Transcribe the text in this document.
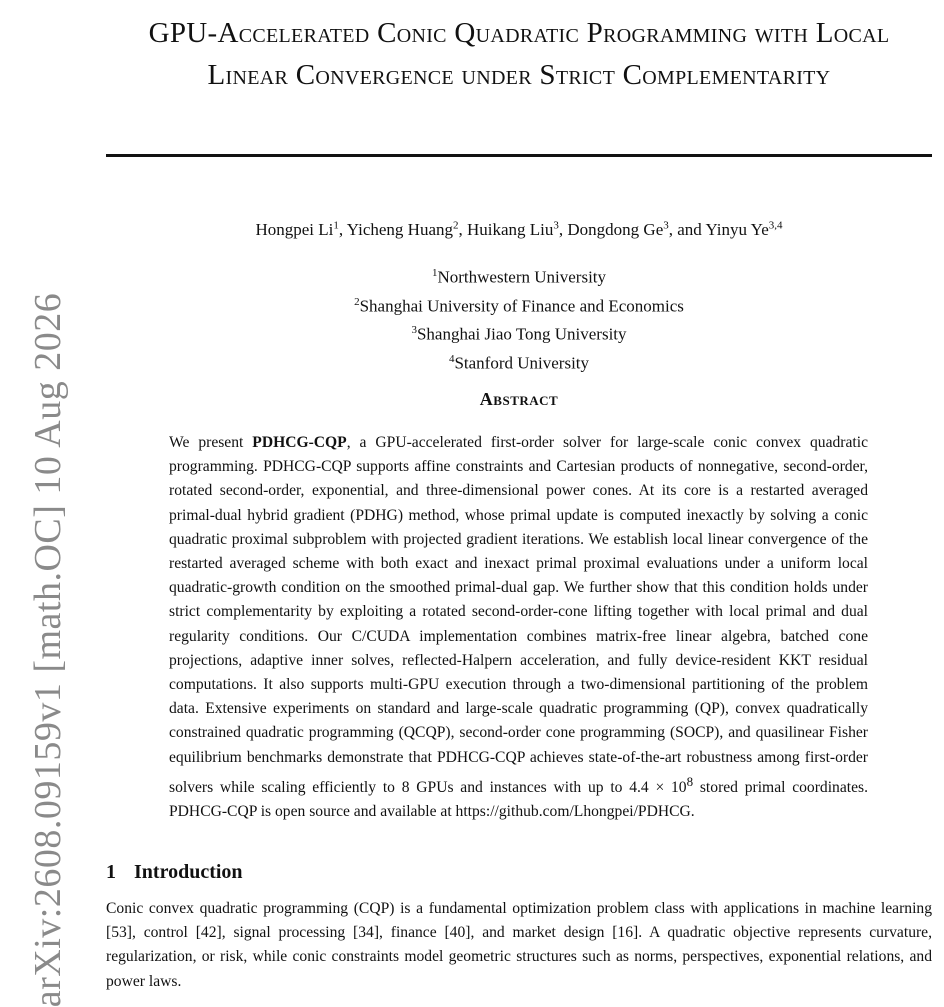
arXiv:2608.09159v1 [math.OC] 10 Aug 2026
GPU-Accelerated Conic Quadratic Programming with Local Linear Convergence under Strict Complementarity
Hongpei Li$^1$, Yicheng Huang$^2$, Huikang Liu$^3$, Dongdong Ge$^3$, and Yinyu Ye$^{3,4}$
$^1$Northwestern University
$^2$Shanghai University of Finance and Economics
$^3$Shanghai Jiao Tong University
$^4$Stanford University
Abstract

We present PDHCG-CQP, a GPU-accelerated first-order solver for large-scale conic convex quadratic programming. PDHCG-CQP supports affine constraints and Cartesian products of nonnegative, second-order, rotated second-order, exponential, and three-dimensional power cones. At its core is a restarted averaged primal-dual hybrid gradient (PDHG) method, whose primal update is computed inexactly by solving a conic quadratic proximal subproblem with projected gradient iterations. We establish local linear convergence of the restarted averaged scheme with both exact and inexact primal proximal evaluations under a uniform local quadratic-growth condition on the smoothed primal-dual gap. We further show that this condition holds under strict complementarity by exploiting a rotated second-order-cone lifting together with local primal and dual regularity conditions. Our C/CUDA implementation combines matrix-free linear algebra, batched cone projections, adaptive inner solves, reflected-Halpern acceleration, and fully device-resident KKT residual computations. It also supports multi-GPU execution through a two-dimensional partitioning of the problem data. Extensive experiments on standard and large-scale quadratic programming (QP), convex quadratically constrained quadratic programming (QCQP), second-order cone programming (SOCP), and quasilinear Fisher equilibrium benchmarks demonstrate that PDHCG-CQP achieves state-of-the-art robustness among first-order solvers while scaling efficiently to 8 GPUs and instances with up to $4.4 \times 10^8$ stored primal coordinates. PDHCG-CQP is open source and available at https://github.com/Lhongpei/PDHCG.

1 Introduction

Conic convex quadratic programming (CQP) is a fundamental optimization problem class with applications in machine learning [53], control [42], signal processing [34], finance [40], and market design [16]. A quadratic objective represents curvature, regularization, or risk, while conic constraints model geometric structures such as norms, perspectives, exponential relations, and power laws.
